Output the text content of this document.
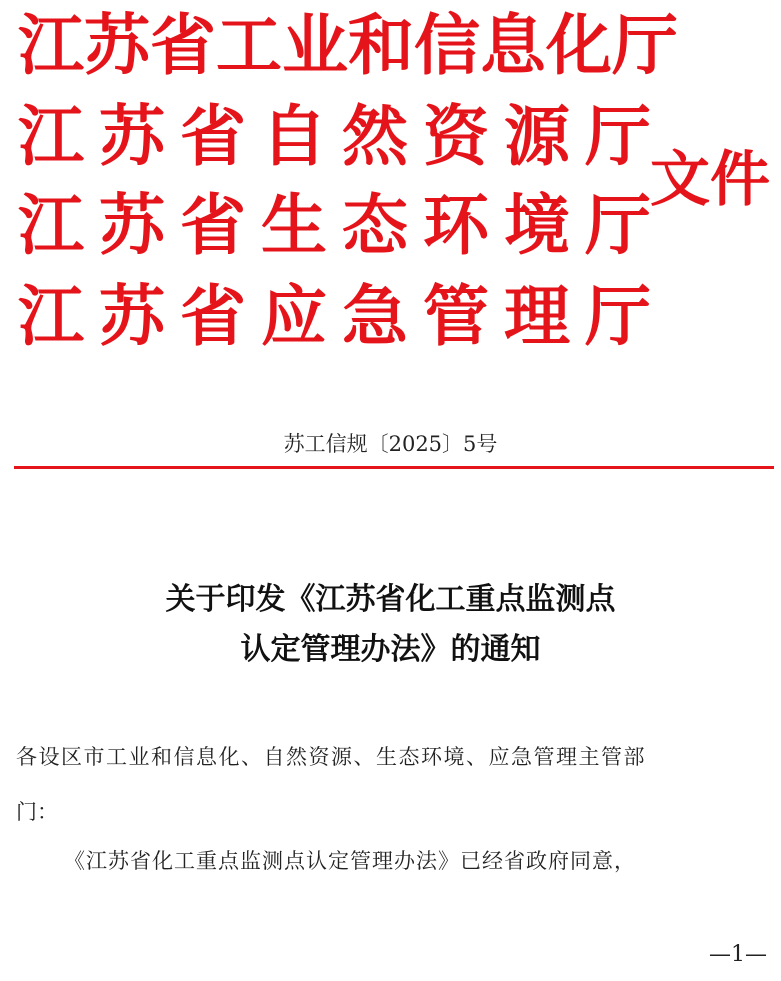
江苏省工业和信息化厅
江苏省自然资源厅
江苏省生态环境厅
江苏省应急管理厅
文件
苏工信规〔2025〕5号
关于印发《江苏省化工重点监测点
认定管理办法》的通知
各设区市工业和信息化、自然资源、生态环境、应急管理主管部
门：
《江苏省化工重点监测点认定管理办法》已经省政府同意，
—1—
